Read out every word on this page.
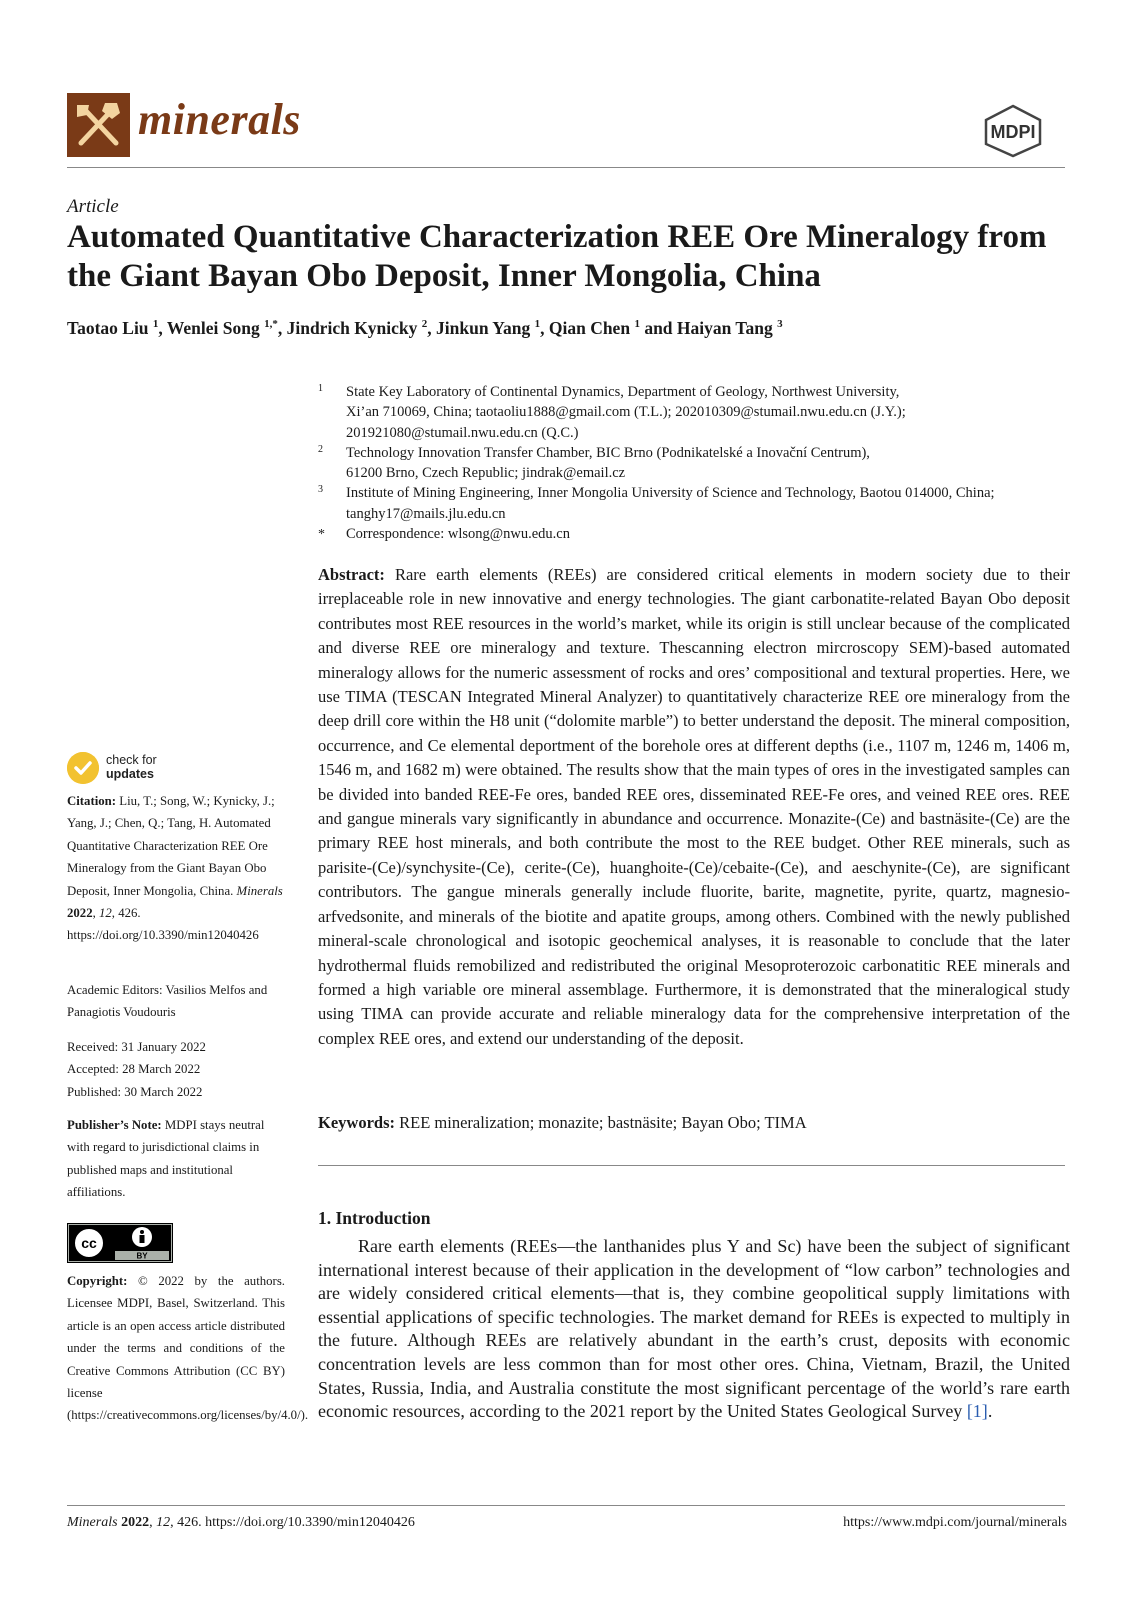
minerals	MDPI
Article
Automated Quantitative Characterization REE Ore Mineralogy from the Giant Bayan Obo Deposit, Inner Mongolia, China
Taotao Liu $^1$, Wenlei Song $^{1,*}$, Jindrich Kynicky $^2$, Jinkun Yang $^1$, Qian Chen $^1$ and Haiyan Tang $^3$
1 State Key Laboratory of Continental Dynamics, Department of Geology, Northwest University,
Xi’an 710069, China; taotaoliu1888@gmail.com (T.L.); 202010309@stumail.nwu.edu.cn (J.Y.);
201921080@stumail.nwu.edu.cn (Q.C.)
2 Technology Innovation Transfer Chamber, BIC Brno (Podnikatelské a Inovační Centrum),
61200 Brno, Czech Republic; jindrak@email.cz
3 Institute of Mining Engineering, Inner Mongolia University of Science and Technology, Baotou 014000, China;
tanghy17@mails.jlu.edu.cn
* Correspondence: wlsong@nwu.edu.cn
Abstract: Rare earth elements (REEs) are considered critical elements in modern society due to their irreplaceable role in new innovative and energy technologies. The giant carbonatite-related Bayan Obo deposit contributes most REE resources in the world’s market, while its origin is still unclear because of the complicated and diverse REE ore mineralogy and texture. Thescanning electron mircroscopy SEM)-based automated mineralogy allows for the numeric assessment of rocks and ores’ compositional and textural properties. Here, we use TIMA (TESCAN Integrated Mineral Analyzer) to quantitatively characterize REE ore mineralogy from the deep drill core within the H8 unit (“dolomite marble”) to better understand the deposit. The mineral composition, occurrence, and Ce elemental deportment of the borehole ores at different depths (i.e., 1107 m, 1246 m, 1406 m, 1546 m, and 1682 m) were obtained. The results show that the main types of ores in the investigated samples can be divided into banded REE-Fe ores, banded REE ores, disseminated REE-Fe ores, and veined REE ores. REE and gangue minerals vary significantly in abundance and occurrence. Monazite-(Ce) and bastnäsite-(Ce) are the primary REE host minerals, and both contribute the most to the REE budget. Other REE minerals, such as parisite-(Ce)/synchysite-(Ce), cerite-(Ce), huanghoite-(Ce)/cebaite-(Ce), and aeschynite-(Ce), are significant contributors. The gangue minerals generally include fluorite, barite, magnetite, pyrite, quartz, magnesio-arfvedsonite, and minerals of the biotite and apatite groups, among others. Combined with the newly published mineral-scale chronological and isotopic geochemical analyses, it is reasonable to conclude that the later hydrothermal fluids remobilized and redistributed the original Mesoproterozoic carbonatitic REE minerals and formed a high variable ore mineral assemblage. Furthermore, it is demonstrated that the mineralogical study using TIMA can provide accurate and reliable mineralogy data for the comprehensive interpretation of the complex REE ores, and extend our understanding of the deposit.
Keywords: REE mineralization; monazite; bastnäsite; Bayan Obo; TIMA
1. Introduction
Rare earth elements (REEs—the lanthanides plus Y and Sc) have been the subject of significant international interest because of their application in the development of “low carbon” technologies and are widely considered critical elements—that is, they combine geopolitical supply limitations with essential applications of specific technologies. The market demand for REEs is expected to multiply in the future. Although REEs are relatively abundant in the earth’s crust, deposits with economic concentration levels are less common than for most other ores. China, Vietnam, Brazil, the United States, Russia, India, and Australia constitute the most significant percentage of the world’s rare earth economic resources, according to the 2021 report by the United States Geological Survey [1].
check for
updates
Citation: Liu, T.; Song, W.; Kynicky, J.; Yang, J.; Chen, Q.; Tang, H. Automated Quantitative Characterization REE Ore Mineralogy from the Giant Bayan Obo Deposit, Inner Mongolia, China. Minerals 2022, 12, 426. https://doi.org/10.3390/min12040426
Academic Editors: Vasilios Melfos and Panagiotis Voudouris
Received: 31 January 2022
Accepted: 28 March 2022
Published: 30 March 2022
Publisher’s Note: MDPI stays neutral with regard to jurisdictional claims in published maps and institutional affiliations.
cc
BY
Copyright: © 2022 by the authors. Licensee MDPI, Basel, Switzerland. This article is an open access article distributed under the terms and conditions of the Creative Commons Attribution (CC BY) license (https://creativecommons.org/licenses/by/4.0/).
Minerals 2022, 12, 426. https://doi.org/10.3390/min12040426	https://www.mdpi.com/journal/minerals
